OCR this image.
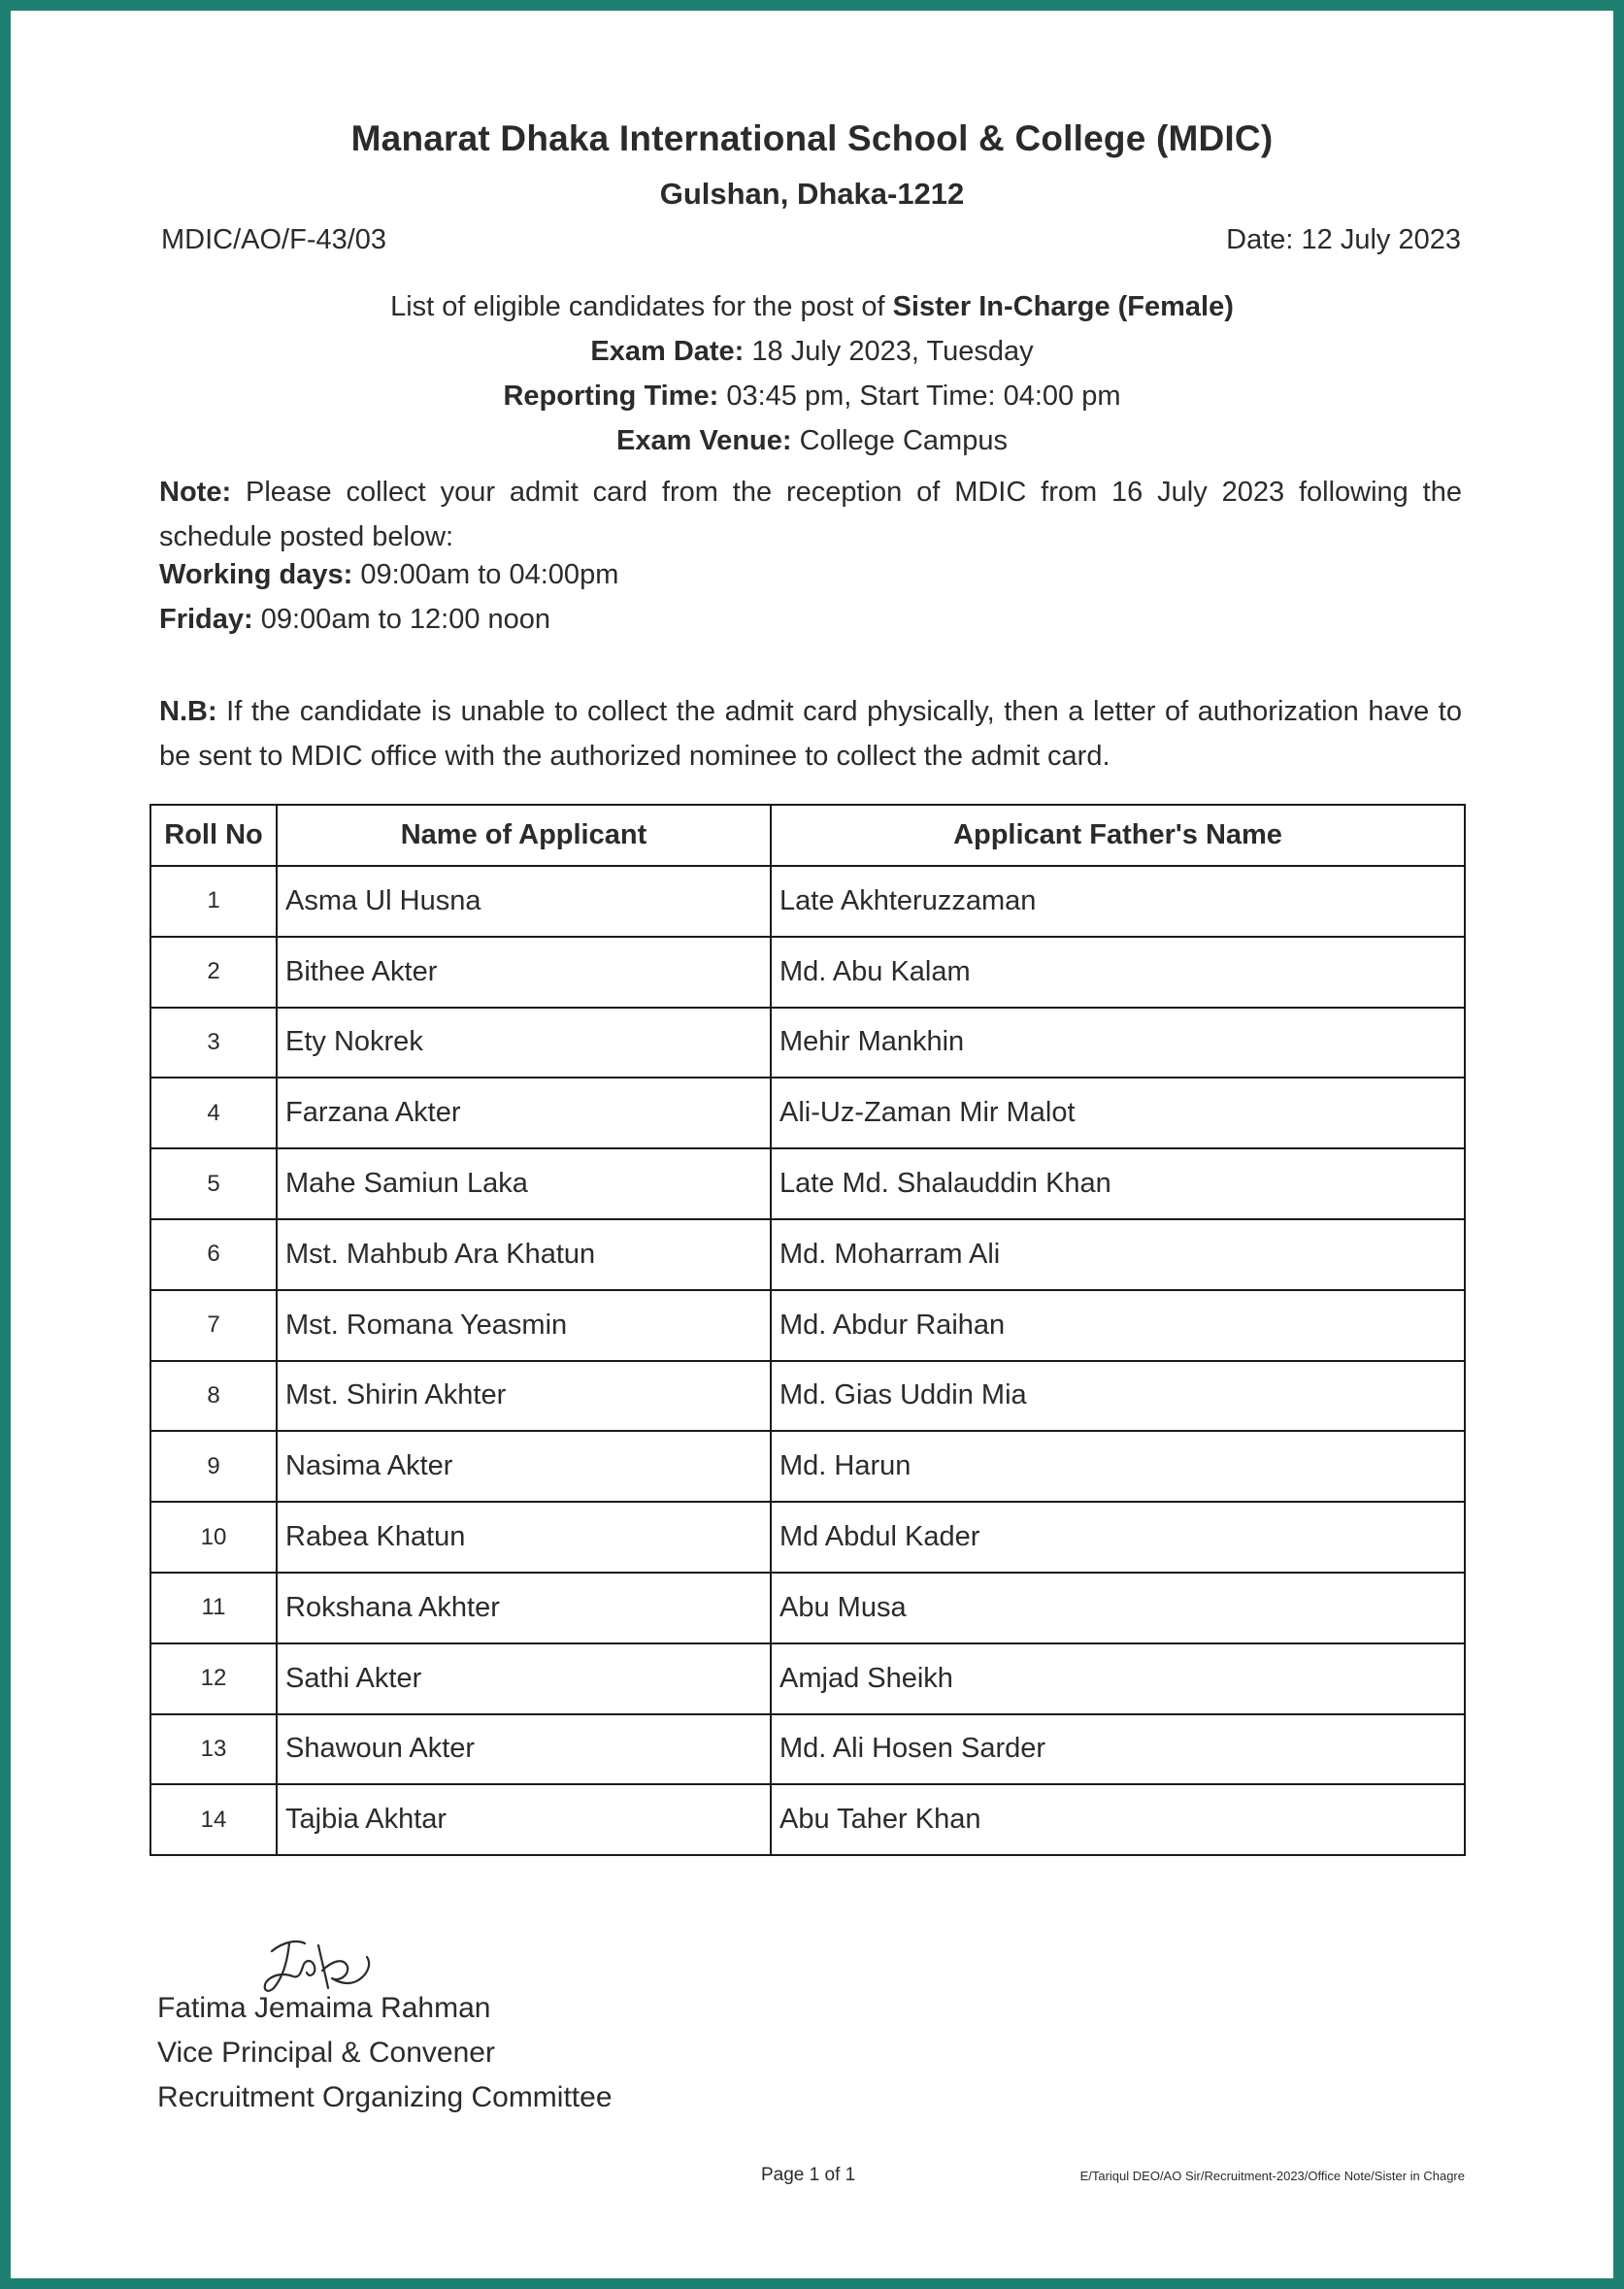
Manarat Dhaka International School & College (MDIC)
Gulshan, Dhaka-1212
MDIC/AO/F-43/03	Date: 12 July 2023
List of eligible candidates for the post of Sister In-Charge (Female)
Exam Date: 18 July 2023, Tuesday
Reporting Time: 03:45 pm, Start Time: 04:00 pm
Exam Venue: College Campus
Note: Please collect your admit card from the reception of MDIC from 16 July 2023 following the schedule posted below:
Working days: 09:00am to 04:00pm
Friday: 09:00am to 12:00 noon
N.B: If the candidate is unable to collect the admit card physically, then a letter of authorization have to be sent to MDIC office with the authorized nominee to collect the admit card.
Roll No	Name of Applicant	Applicant Father's Name
1	Asma Ul Husna	Late Akhteruzzaman
2	Bithee Akter	Md. Abu Kalam
3	Ety Nokrek	Mehir Mankhin
4	Farzana Akter	Ali-Uz-Zaman Mir Malot
5	Mahe Samiun Laka	Late Md. Shalauddin Khan
6	Mst. Mahbub Ara Khatun	Md. Moharram Ali
7	Mst. Romana Yeasmin	Md. Abdur Raihan
8	Mst. Shirin Akhter	Md. Gias Uddin Mia
9	Nasima Akter	Md. Harun
10	Rabea Khatun	Md Abdul Kader
11	Rokshana Akhter	Abu Musa
12	Sathi Akter	Amjad Sheikh
13	Shawoun Akter	Md. Ali Hosen Sarder
14	Tajbia Akhtar	Abu Taher Khan
Fatima Jemaima Rahman
Vice Principal & Convener
Recruitment Organizing Committee
Page 1 of 1	E/Tariqul DEO/AO Sir/Recruitment-2023/Office Note/Sister in Chagre
